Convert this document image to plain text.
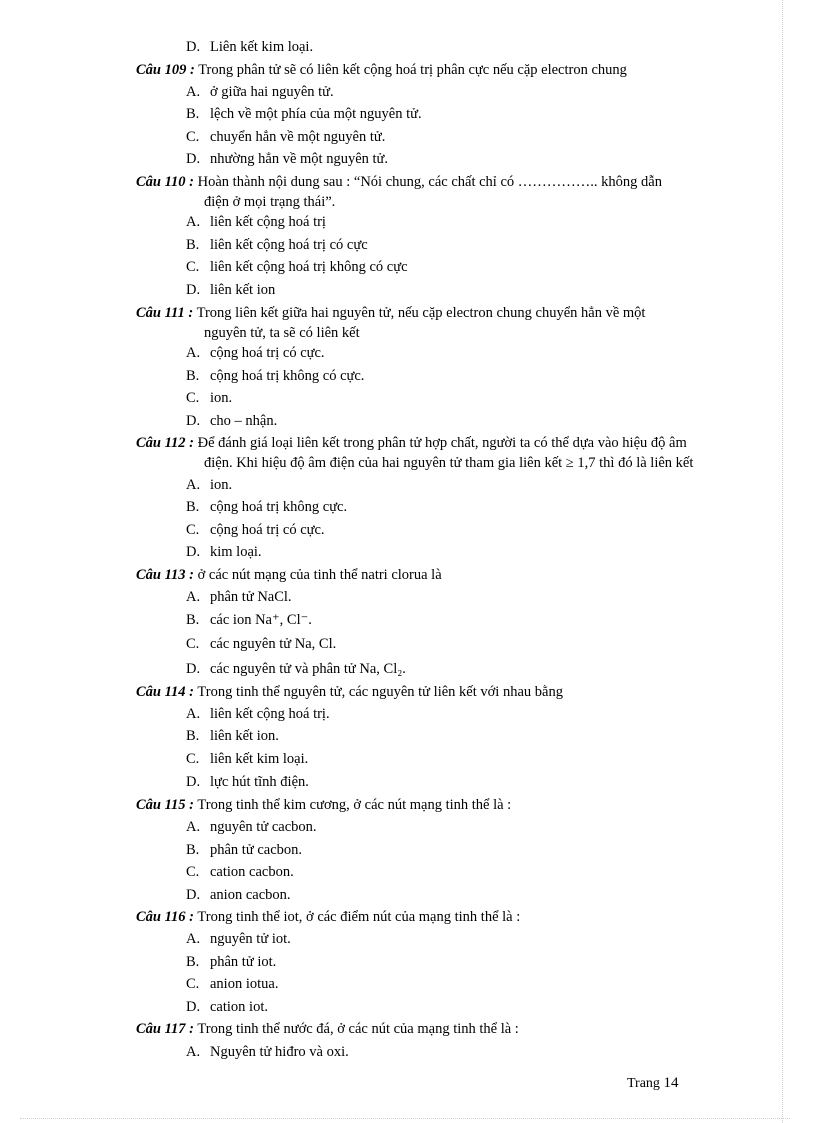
D. Liên kết kim loại.
Câu 109 : Trong phân tử sẽ có liên kết cộng hoá trị phân cực nếu cặp electron chung
A. ở giữa hai nguyên tử.
B. lệch về một phía của một nguyên tử.
C. chuyển hẳn về một nguyên tử.
D. nhường hẳn về một nguyên tử.
Câu 110 : Hoàn thành nội dung sau : “Nói chung, các chất chỉ có …………….. không dẫn
điện ở mọi trạng thái”.
A. liên kết cộng hoá trị
B. liên kết cộng hoá trị có cực
C. liên kết cộng hoá trị không có cực
D. liên kết ion
Câu 111 : Trong liên kết giữa hai nguyên tử, nếu cặp electron chung chuyển hẳn về một
nguyên tử, ta sẽ có liên kết
A. cộng hoá trị có cực.
B. cộng hoá trị không có cực.
C. ion.
D. cho – nhận.
Câu 112 : Để đánh giá loại liên kết trong phân tử hợp chất, người ta có thể dựa vào hiệu độ âm
điện. Khi hiệu độ âm điện của hai nguyên tử tham gia liên kết ≥ 1,7 thì đó là liên kết
A. ion.
B. cộng hoá trị không cực.
C. cộng hoá trị có cực.
D. kim loại.
Câu 113 : ở các nút mạng của tinh thể natri clorua là
A. phân tử NaCl.
B. các ion Na⁺, Cl⁻.
C. các nguyên tử Na, Cl.
D. các nguyên tử và phân tử Na, Cl₂.
Câu 114 : Trong tinh thể nguyên tử, các nguyên tử liên kết với nhau bằng
A. liên kết cộng hoá trị.
B. liên kết ion.
C. liên kết kim loại.
D. lực hút tĩnh điện.
Câu 115 : Trong tinh thể kim cương, ở các nút mạng tinh thể là :
A. nguyên tử cacbon.
B. phân tử cacbon.
C. cation cacbon.
D. anion cacbon.
Câu 116 : Trong tinh thể iot, ở các điểm nút của mạng tinh thể là :
A. nguyên tử iot.
B. phân tử iot.
C. anion iotua.
D. cation iot.
Câu 117 : Trong tinh thể nước đá, ở các nút của mạng tinh thể là :
A. Nguyên tử hiđro và oxi.
Trang 14
